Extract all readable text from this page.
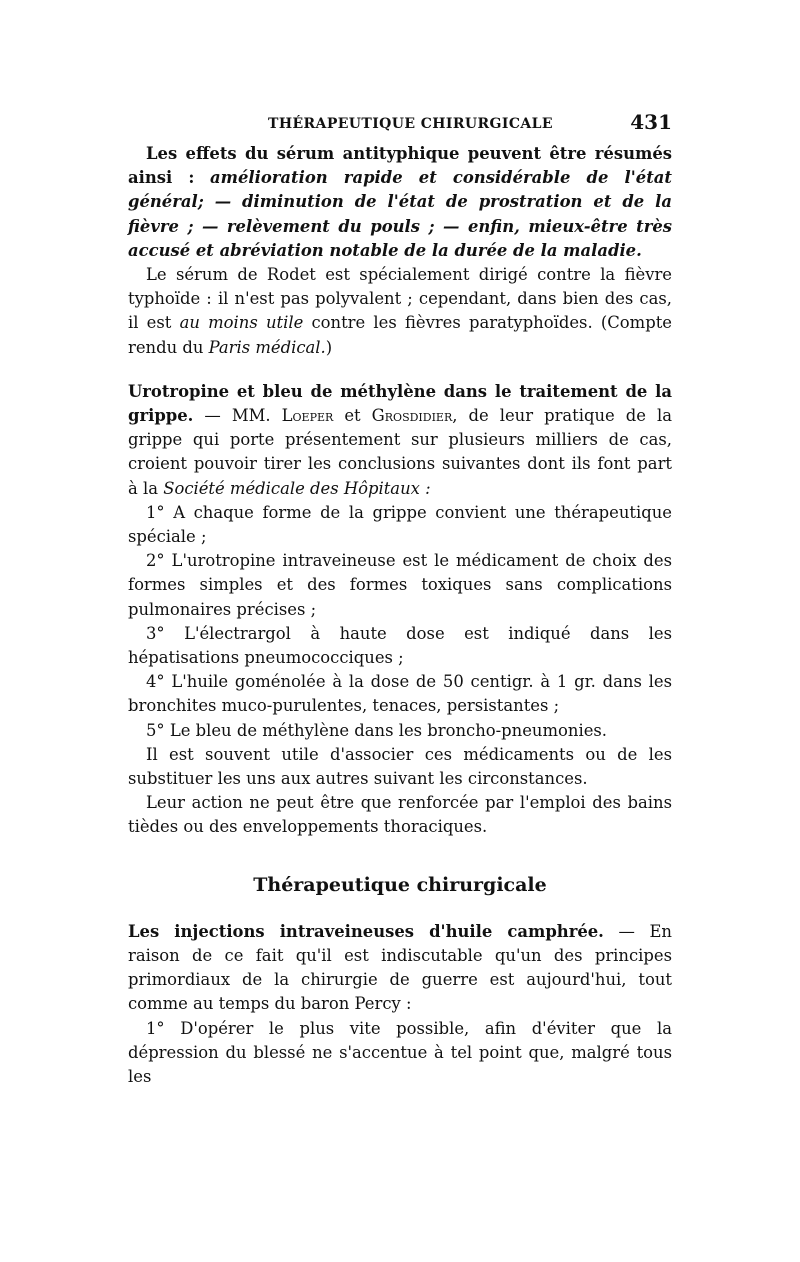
THÉRAPEUTIQUE CHIRURGICALE	431

Les effets du sérum antityphique peuvent être résumés ainsi : amélioration rapide et considérable de l'état général; — diminution de l'état de prostration et de la fièvre ; — relèvement du pouls ; — enfin, mieux-être très accusé et abréviation notable de la durée de la maladie.

Le sérum de Rodet est spécialement dirigé contre la fièvre typhoïde : il n'est pas polyvalent ; cependant, dans bien des cas, il est au moins utile contre les fièvres paratyphoïdes. (Compte rendu du Paris médical.)

Urotropine et bleu de méthylène dans le traitement de la grippe. — MM. Loeper et Grosdidier, de leur pratique de la grippe qui porte présentement sur plusieurs milliers de cas, croient pouvoir tirer les conclusions suivantes dont ils font part à la Société médicale des Hôpitaux :

1° A chaque forme de la grippe convient une thérapeutique spéciale ;

2° L'urotropine intraveineuse est le médicament de choix des formes simples et des formes toxiques sans complications pulmonaires précises ;

3° L'électrargol à haute dose est indiqué dans les hépatisations pneumococciques ;

4° L'huile goménolée à la dose de 50 centigr. à 1 gr. dans les bronchites muco-purulentes, tenaces, persistantes ;

5° Le bleu de méthylène dans les broncho-pneumonies.

Il est souvent utile d'associer ces médicaments ou de les substituer les uns aux autres suivant les circonstances.

Leur action ne peut être que renforcée par l'emploi des bains tièdes ou des enveloppements thoraciques.

Thérapeutique chirurgicale

Les injections intraveineuses d'huile camphrée. — En raison de ce fait qu'il est indiscutable qu'un des principes primordiaux de la chirurgie de guerre est aujourd'hui, tout comme au temps du baron Percy :

1° D'opérer le plus vite possible, afin d'éviter que la dépression du blessé ne s'accentue à tel point que, malgré tous les
